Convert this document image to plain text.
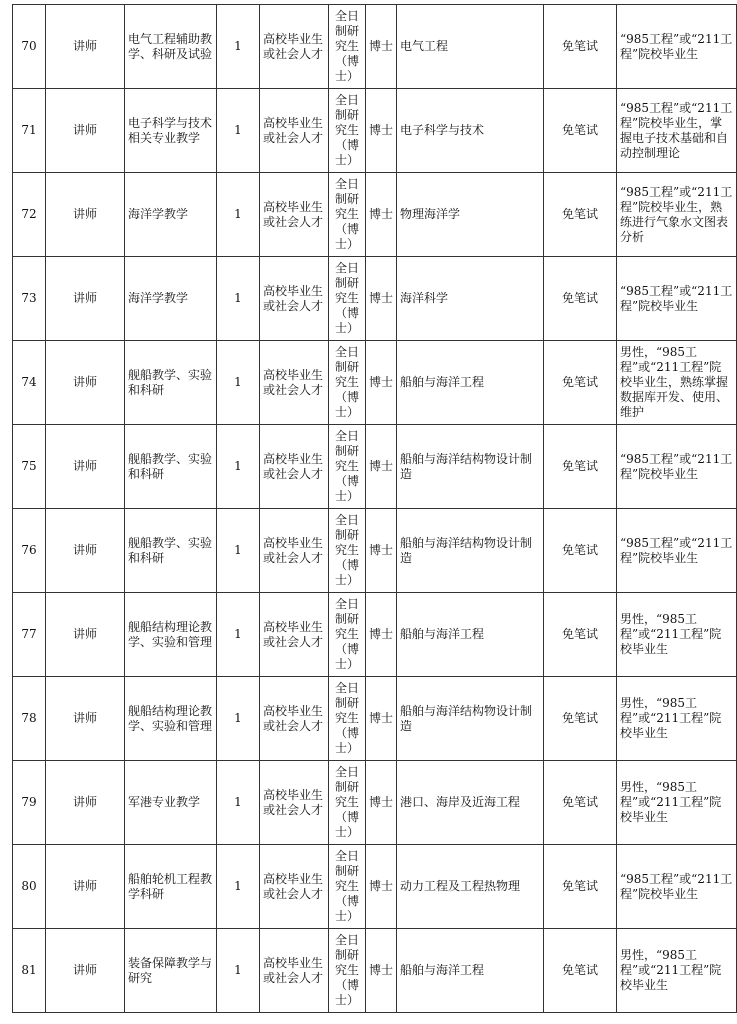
70	讲师	电气工程辅助教学、科研及试验	1	高校毕业生或社会人才	全日制研究生（博士）	博士	电气工程	免笔试	“985工程”或“211工程”院校毕业生
71	讲师	电子科学与技术相关专业教学	1	高校毕业生或社会人才	全日制研究生（博士）	博士	电子科学与技术	免笔试	“985工程”或“211工程”院校毕业生，掌握电子技术基础和自动控制理论
72	讲师	海洋学教学	1	高校毕业生或社会人才	全日制研究生（博士）	博士	物理海洋学	免笔试	“985工程”或“211工程”院校毕业生，熟练进行气象水文图表分析
73	讲师	海洋学教学	1	高校毕业生或社会人才	全日制研究生（博士）	博士	海洋科学	免笔试	“985工程”或“211工程”院校毕业生
74	讲师	舰船教学、实验和科研	1	高校毕业生或社会人才	全日制研究生（博士）	博士	船舶与海洋工程	免笔试	男性，“985工程”或“211工程”院校毕业生，熟练掌握数据库开发、使用、维护
75	讲师	舰船教学、实验和科研	1	高校毕业生或社会人才	全日制研究生（博士）	博士	船舶与海洋结构物设计制造	免笔试	“985工程”或“211工程”院校毕业生
76	讲师	舰船教学、实验和科研	1	高校毕业生或社会人才	全日制研究生（博士）	博士	船舶与海洋结构物设计制造	免笔试	“985工程”或“211工程”院校毕业生
77	讲师	舰船结构理论教学、实验和管理	1	高校毕业生或社会人才	全日制研究生（博士）	博士	船舶与海洋工程	免笔试	男性，“985工程”或“211工程”院校毕业生
78	讲师	舰船结构理论教学、实验和管理	1	高校毕业生或社会人才	全日制研究生（博士）	博士	船舶与海洋结构物设计制造	免笔试	男性，“985工程”或“211工程”院校毕业生
79	讲师	军港专业教学	1	高校毕业生或社会人才	全日制研究生（博士）	博士	港口、海岸及近海工程	免笔试	男性，“985工程”或“211工程”院校毕业生
80	讲师	船舶轮机工程教学科研	1	高校毕业生或社会人才	全日制研究生（博士）	博士	动力工程及工程热物理	免笔试	“985工程”或“211工程”院校毕业生
81	讲师	装备保障教学与研究	1	高校毕业生或社会人才	全日制研究生（博士）	博士	船舶与海洋工程	免笔试	男性，“985工程”或“211工程”院校毕业生
